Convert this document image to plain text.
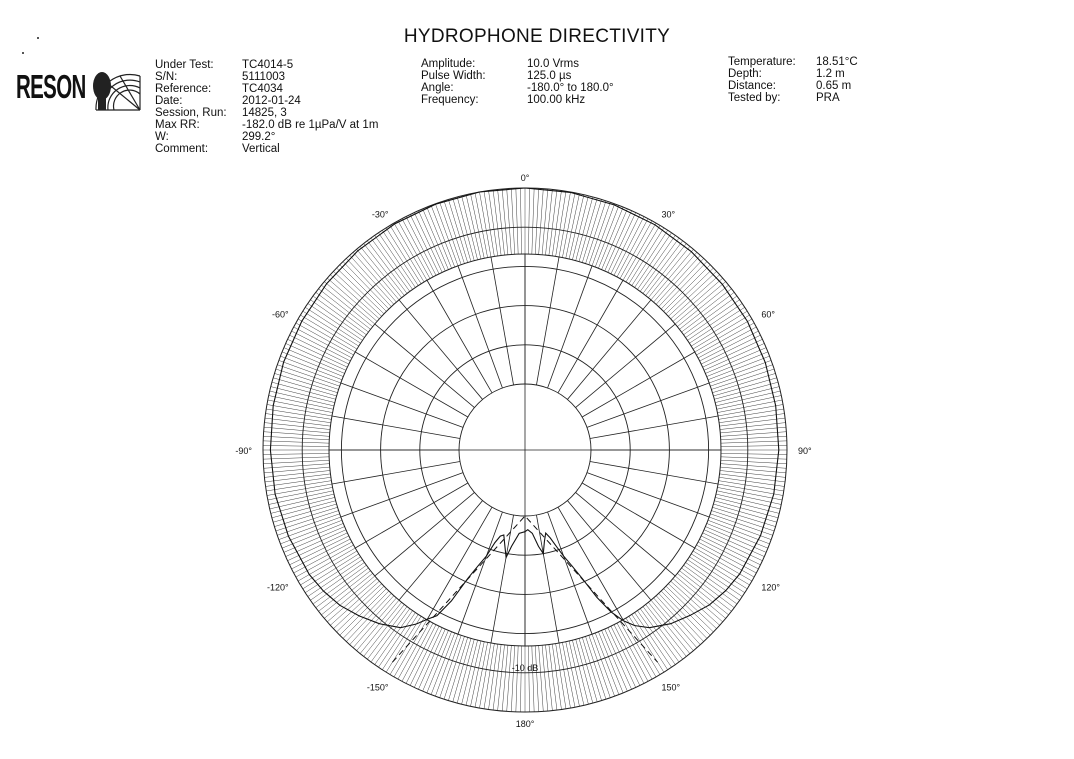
HYDROPHONE DIRECTIVITY
RESON
Under Test:	TC4014-5
S/N:	5111003
Reference:	TC4034
Date:	2012-01-24
Session, Run:	14825, 3
Max RR:	-182.0 dB re 1µPa/V at 1m
W:	299.2°
Comment:	Vertical
Amplitude:	10.0 Vrms
Pulse Width:	125.0 µs
Angle:	-180.0° to 180.0°
Frequency:	100.00 kHz
Temperature:	18.51°C
Depth:	1.2 m
Distance:	0.65 m
Tested by:	PRA
0°
30°
60°
90°
120°
150°
180°
-150°
-120°
-90°
-60°
-30°
-10 dB
